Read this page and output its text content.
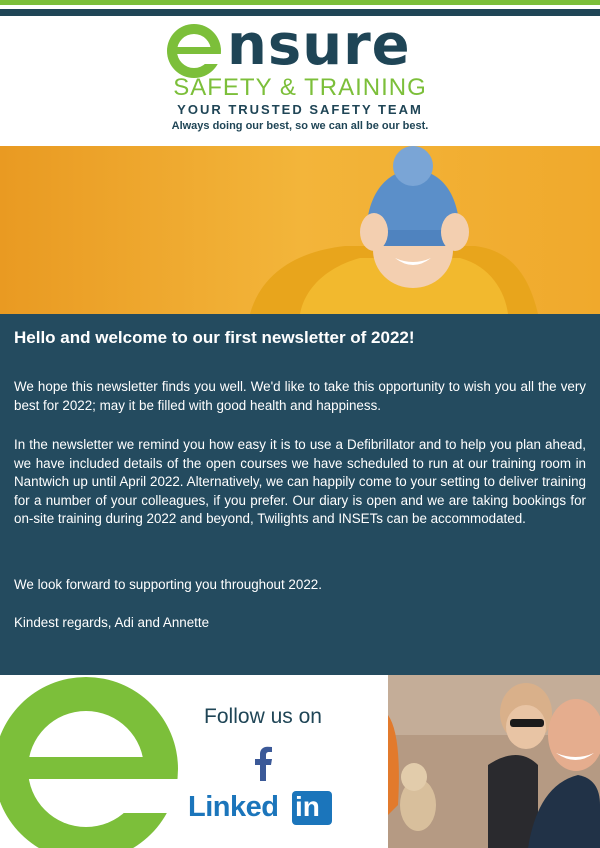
nsure
SAFETY & TRAINING
YOUR TRUSTED SAFETY TEAM
Always doing our best, so we can all be our best.
Hello and welcome to our first newsletter of 2022!
We hope this newsletter finds you well. We'd like to take this opportunity to wish you all the very best for 2022; may it be filled with good health and happiness.
In the newsletter we remind you how easy it is to use a Defibrillator and to help you plan ahead, we have included details of the open courses we have scheduled to run at our training room in Nantwich up until April 2022. Alternatively, we can happily come to your setting to deliver training for a number of your colleagues, if you prefer. Our diary is open and we are taking bookings for on-site training during 2022 and beyond, Twilights and INSETs can be accommodated.
We look forward to supporting you throughout 2022.
Kindest regards, Adi and Annette
Follow us on
Linked in
